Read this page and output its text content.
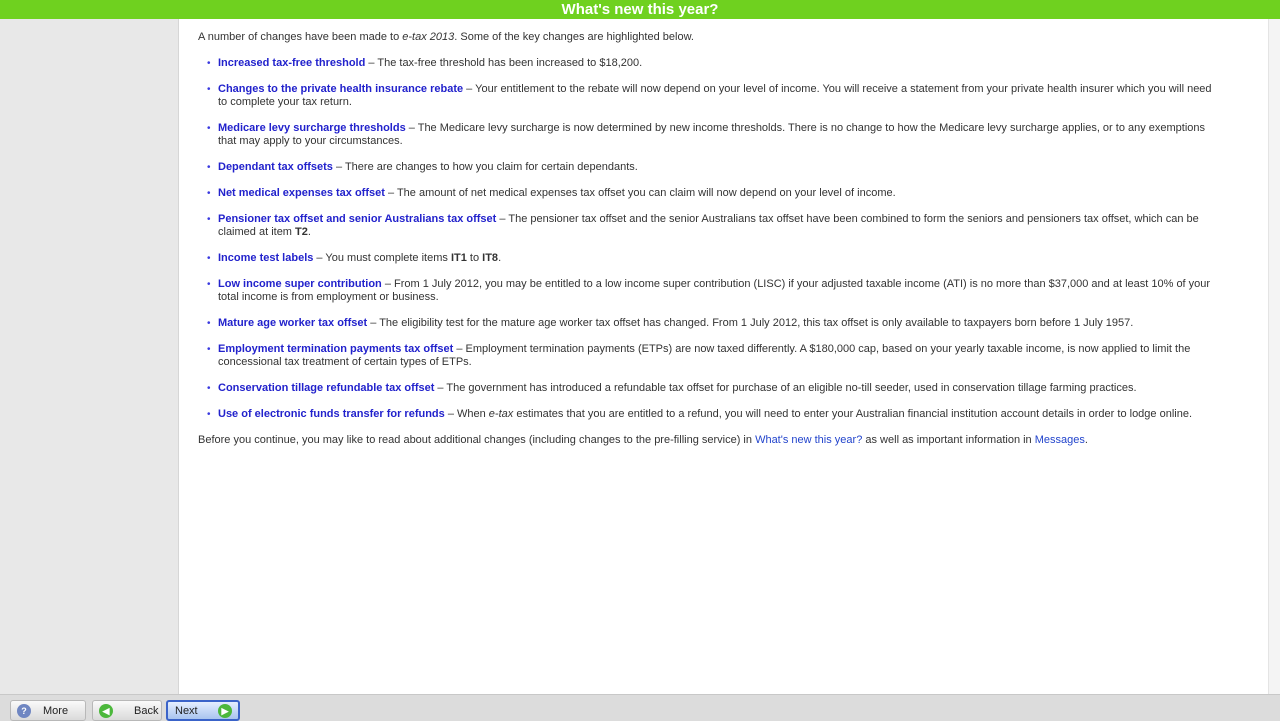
What's new this year?

A number of changes have been made to e-tax 2013. Some of the key changes are highlighted below.

• Increased tax-free threshold – The tax-free threshold has been increased to $18,200.
• Changes to the private health insurance rebate – Your entitlement to the rebate will now depend on your level of income. You will receive a statement from your private health insurer which you will need to complete your tax return.
• Medicare levy surcharge thresholds – The Medicare levy surcharge is now determined by new income thresholds. There is no change to how the Medicare levy surcharge applies, or to any exemptions that may apply to your circumstances.
• Dependant tax offsets – There are changes to how you claim for certain dependants.
• Net medical expenses tax offset – The amount of net medical expenses tax offset you can claim will now depend on your level of income.
• Pensioner tax offset and senior Australians tax offset – The pensioner tax offset and the senior Australians tax offset have been combined to form the seniors and pensioners tax offset, which can be claimed at item T2.
• Income test labels – You must complete items IT1 to IT8.
• Low income super contribution – From 1 July 2012, you may be entitled to a low income super contribution (LISC) if your adjusted taxable income (ATI) is no more than $37,000 and at least 10% of your total income is from employment or business.
• Mature age worker tax offset – The eligibility test for the mature age worker tax offset has changed. From 1 July 2012, this tax offset is only available to taxpayers born before 1 July 1957.
• Employment termination payments tax offset – Employment termination payments (ETPs) are now taxed differently. A $180,000 cap, based on your yearly taxable income, is now applied to limit the concessional tax treatment of certain types of ETPs.
• Conservation tillage refundable tax offset – The government has introduced a refundable tax offset for purchase of an eligible no-till seeder, used in conservation tillage farming practices.
• Use of electronic funds transfer for refunds – When e-tax estimates that you are entitled to a refund, you will need to enter your Australian financial institution account details in order to lodge online.

Before you continue, you may like to read about additional changes (including changes to the pre-filling service) in What's new this year? as well as important information in Messages.

?	More	◀	Back Next	▶
